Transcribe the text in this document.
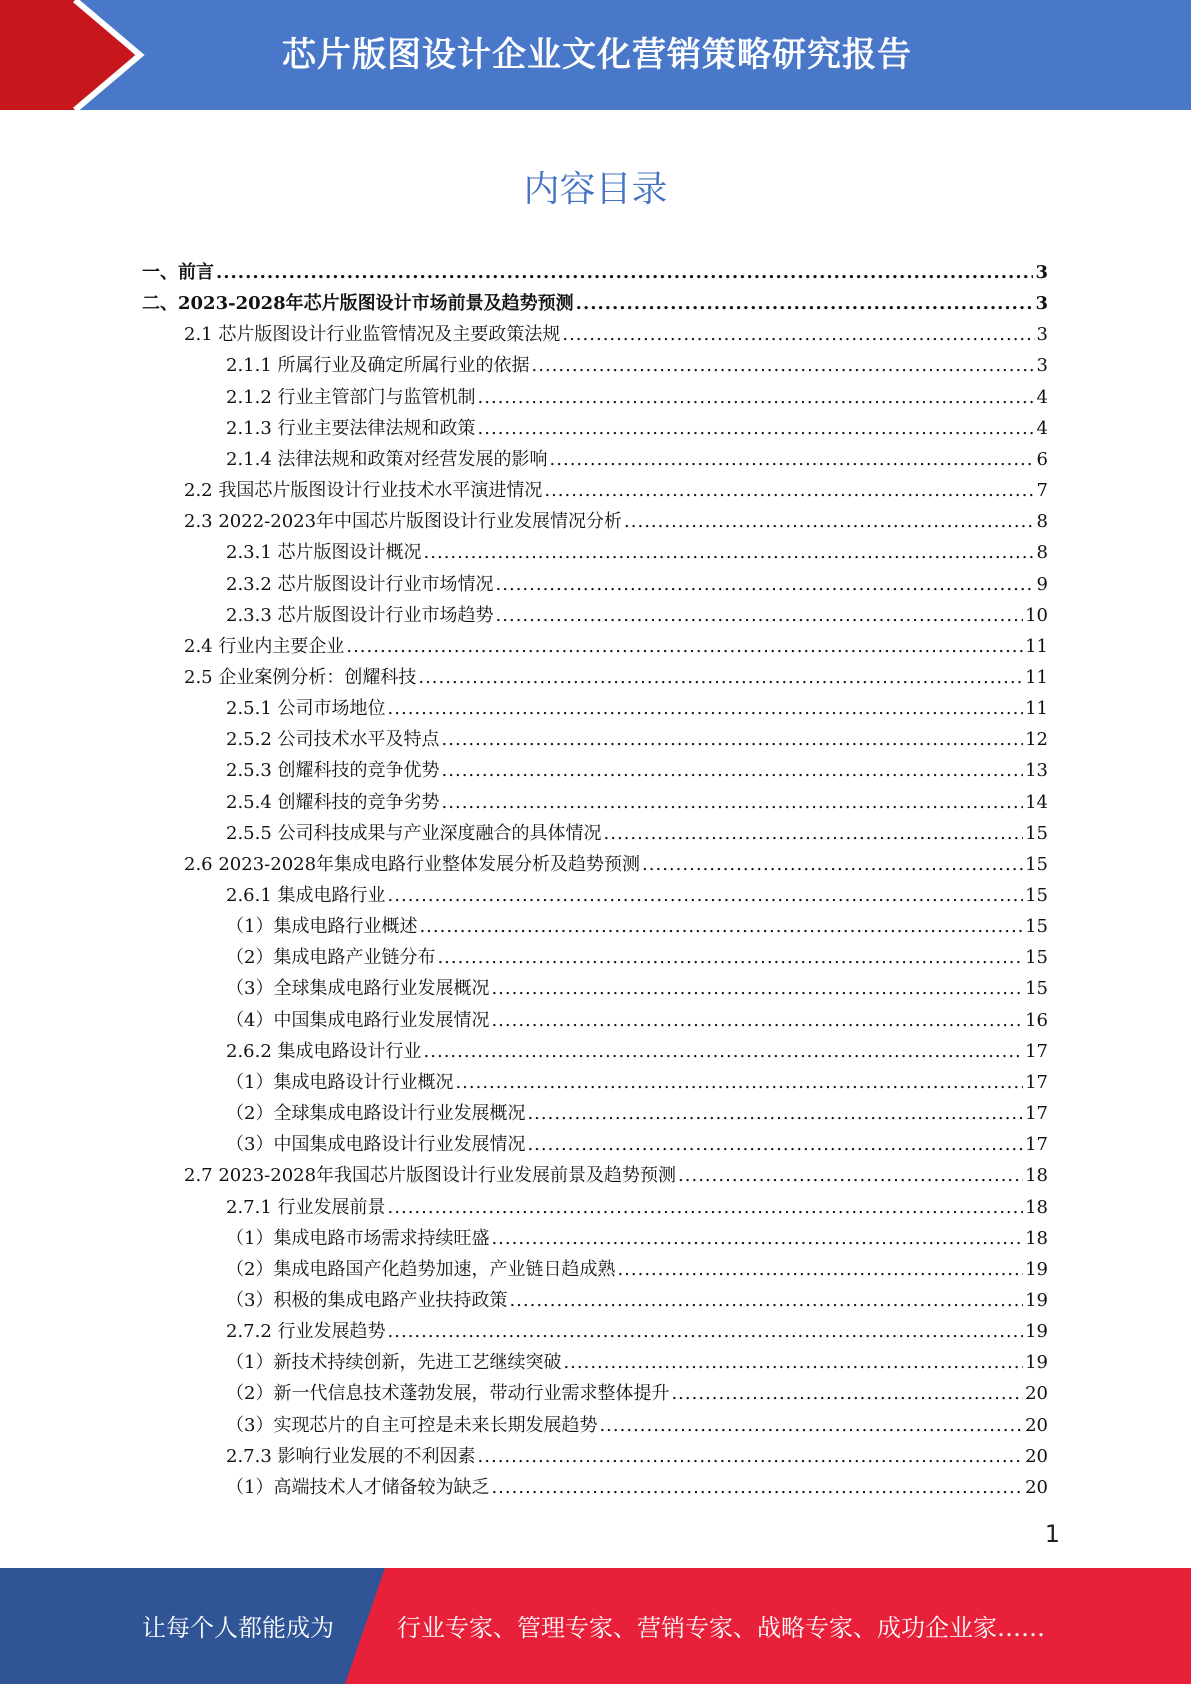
芯片版图设计企业文化营销策略研究报告
内容目录
一、前言 .....	3
二、2023-2028年芯片版图设计市场前景及趋势预测 .....	3
2.1 芯片版图设计行业监管情况及主要政策法规 .....	3
2.1.1 所属行业及确定所属行业的依据 .....	3
2.1.2 行业主管部门与监管机制 .....	4
2.1.3 行业主要法律法规和政策 .....	4
2.1.4 法律法规和政策对经营发展的影响 .....	6
2.2 我国芯片版图设计行业技术水平演进情况 .....	7
2.3 2022-2023年中国芯片版图设计行业发展情况分析 .....	8
2.3.1 芯片版图设计概况 .....	8
2.3.2 芯片版图设计行业市场情况 .....	9
2.3.3 芯片版图设计行业市场趋势 .....	10
2.4 行业内主要企业 .....	11
2.5 企业案例分析：创耀科技 .....	11
2.5.1 公司市场地位 .....	11
2.5.2 公司技术水平及特点 .....	12
2.5.3 创耀科技的竞争优势 .....	13
2.5.4 创耀科技的竞争劣势 .....	14
2.5.5 公司科技成果与产业深度融合的具体情况 .....	15
2.6 2023-2028年集成电路行业整体发展分析及趋势预测 .....	15
2.6.1 集成电路行业 .....	15
（1）集成电路行业概述 .....	15
（2）集成电路产业链分布 .....	15
（3）全球集成电路行业发展概况 .....	15
（4）中国集成电路行业发展情况 .....	16
2.6.2 集成电路设计行业 .....	17
（1）集成电路设计行业概况 .....	17
（2）全球集成电路设计行业发展概况 .....	17
（3）中国集成电路设计行业发展情况 .....	17
2.7 2023-2028年我国芯片版图设计行业发展前景及趋势预测 .....	18
2.7.1 行业发展前景 .....	18
（1）集成电路市场需求持续旺盛 .....	18
（2）集成电路国产化趋势加速，产业链日趋成熟 .....	19
（3）积极的集成电路产业扶持政策 .....	19
2.7.2 行业发展趋势 .....	19
（1）新技术持续创新，先进工艺继续突破 .....	19
（2）新一代信息技术蓬勃发展，带动行业需求整体提升 .....	20
（3）实现芯片的自主可控是未来长期发展趋势 .....	20
2.7.3 影响行业发展的不利因素 .....	20
（1）高端技术人才储备较为缺乏 .....	20
1
让每个人都能成为	行业专家、管理专家、营销专家、战略专家、成功企业家……
